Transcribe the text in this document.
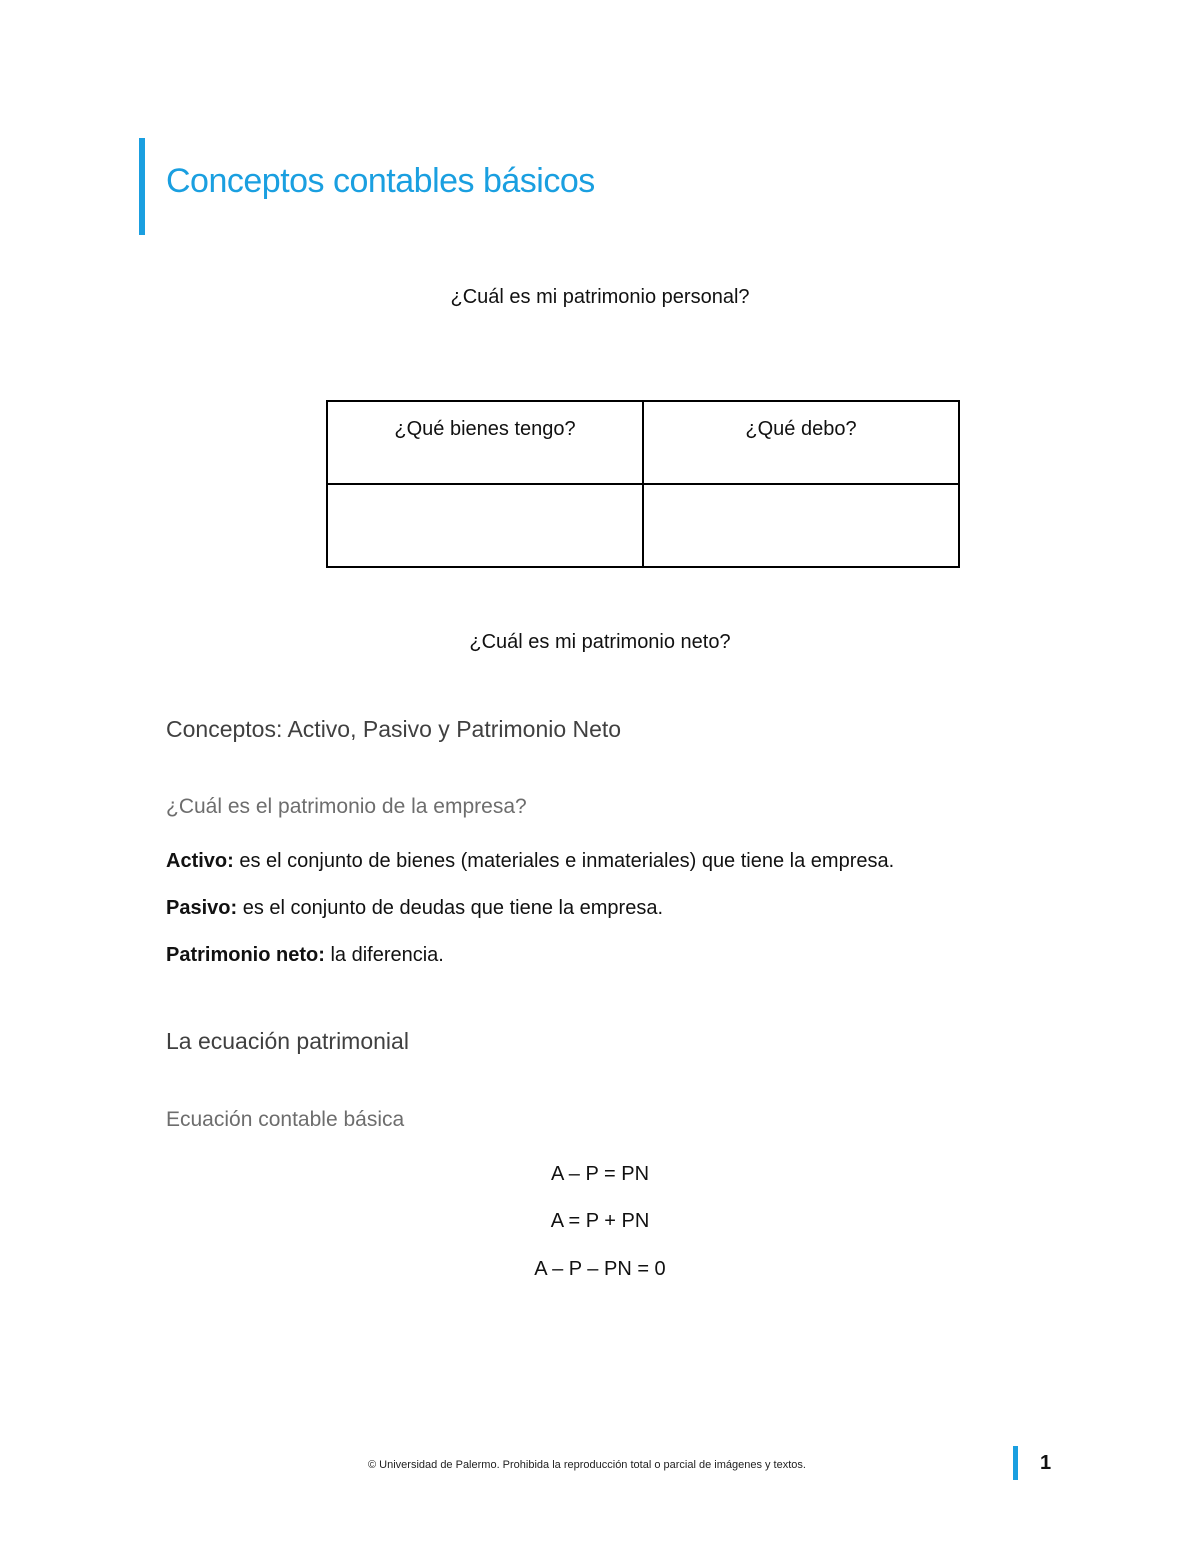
Conceptos contables básicos

¿Cuál es mi patrimonio personal?

¿Qué bienes tengo?	¿Qué debo?

¿Cuál es mi patrimonio neto?

Conceptos: Activo, Pasivo y Patrimonio Neto

¿Cuál es el patrimonio de la empresa?

Activo: es el conjunto de bienes (materiales e inmateriales) que tiene la empresa.

Pasivo: es el conjunto de deudas que tiene la empresa.

Patrimonio neto: la diferencia.

La ecuación patrimonial

Ecuación contable básica

A – P = PN

A = P + PN

A – P – PN = 0

© Universidad de Palermo. Prohibida la reproducción total o parcial de imágenes y textos.	1
